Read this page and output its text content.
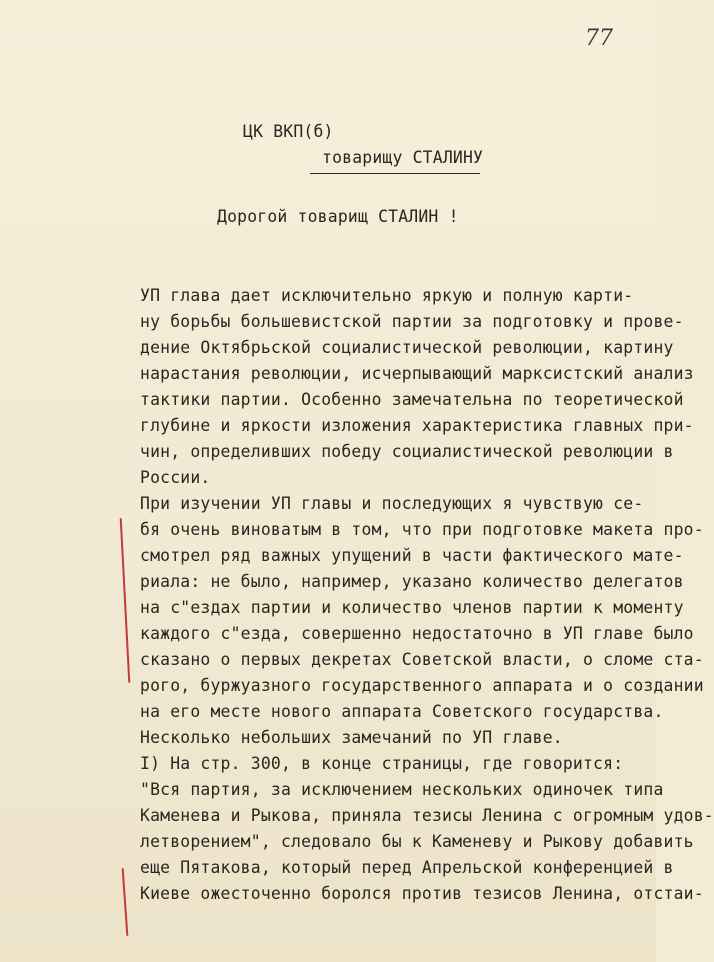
77
ЦК ВКП(б)
товарищу СТАЛИНУ
Дорогой товарищ СТАЛИН !
УП глава дает исключительно яркую и полную карти-
ну борьбы большевистской партии за подготовку и прове-
дение Октябрьской социалистической революции, картину
нарастания революции, исчерпывающий марксистский анализ
тактики партии. Особенно замечательна по теоретической
глубине и яркости изложения характеристика главных при-
чин, определивших победу социалистической революции в
России.
При изучении УП главы и последующих я чувствую се-
бя очень виноватым в том, что при подготовке макета про-
смотрел ряд важных упущений в части фактического мате-
риала: не было, например, указано количество делегатов
на с"ездах партии и количество членов партии к моменту
каждого с"езда, совершенно недостаточно в УП главе было
сказано о первых декретах Советской власти, о сломе ста-
рого, буржуазного государственного аппарата и о создании
на его месте нового аппарата Советского государства.
Несколько небольших замечаний по УП главе.
I) На стр. 300, в конце страницы, где говорится:
"Вся партия, за исключением нескольких одиночек типа
Каменева и Рыкова, приняла тезисы Ленина с огромным удов-
летворением", следовало бы к Каменеву и Рыкову добавить
еще Пятакова, который перед Апрельской конференцией в
Киеве ожесточенно боролся против тезисов Ленина, отстаи-
